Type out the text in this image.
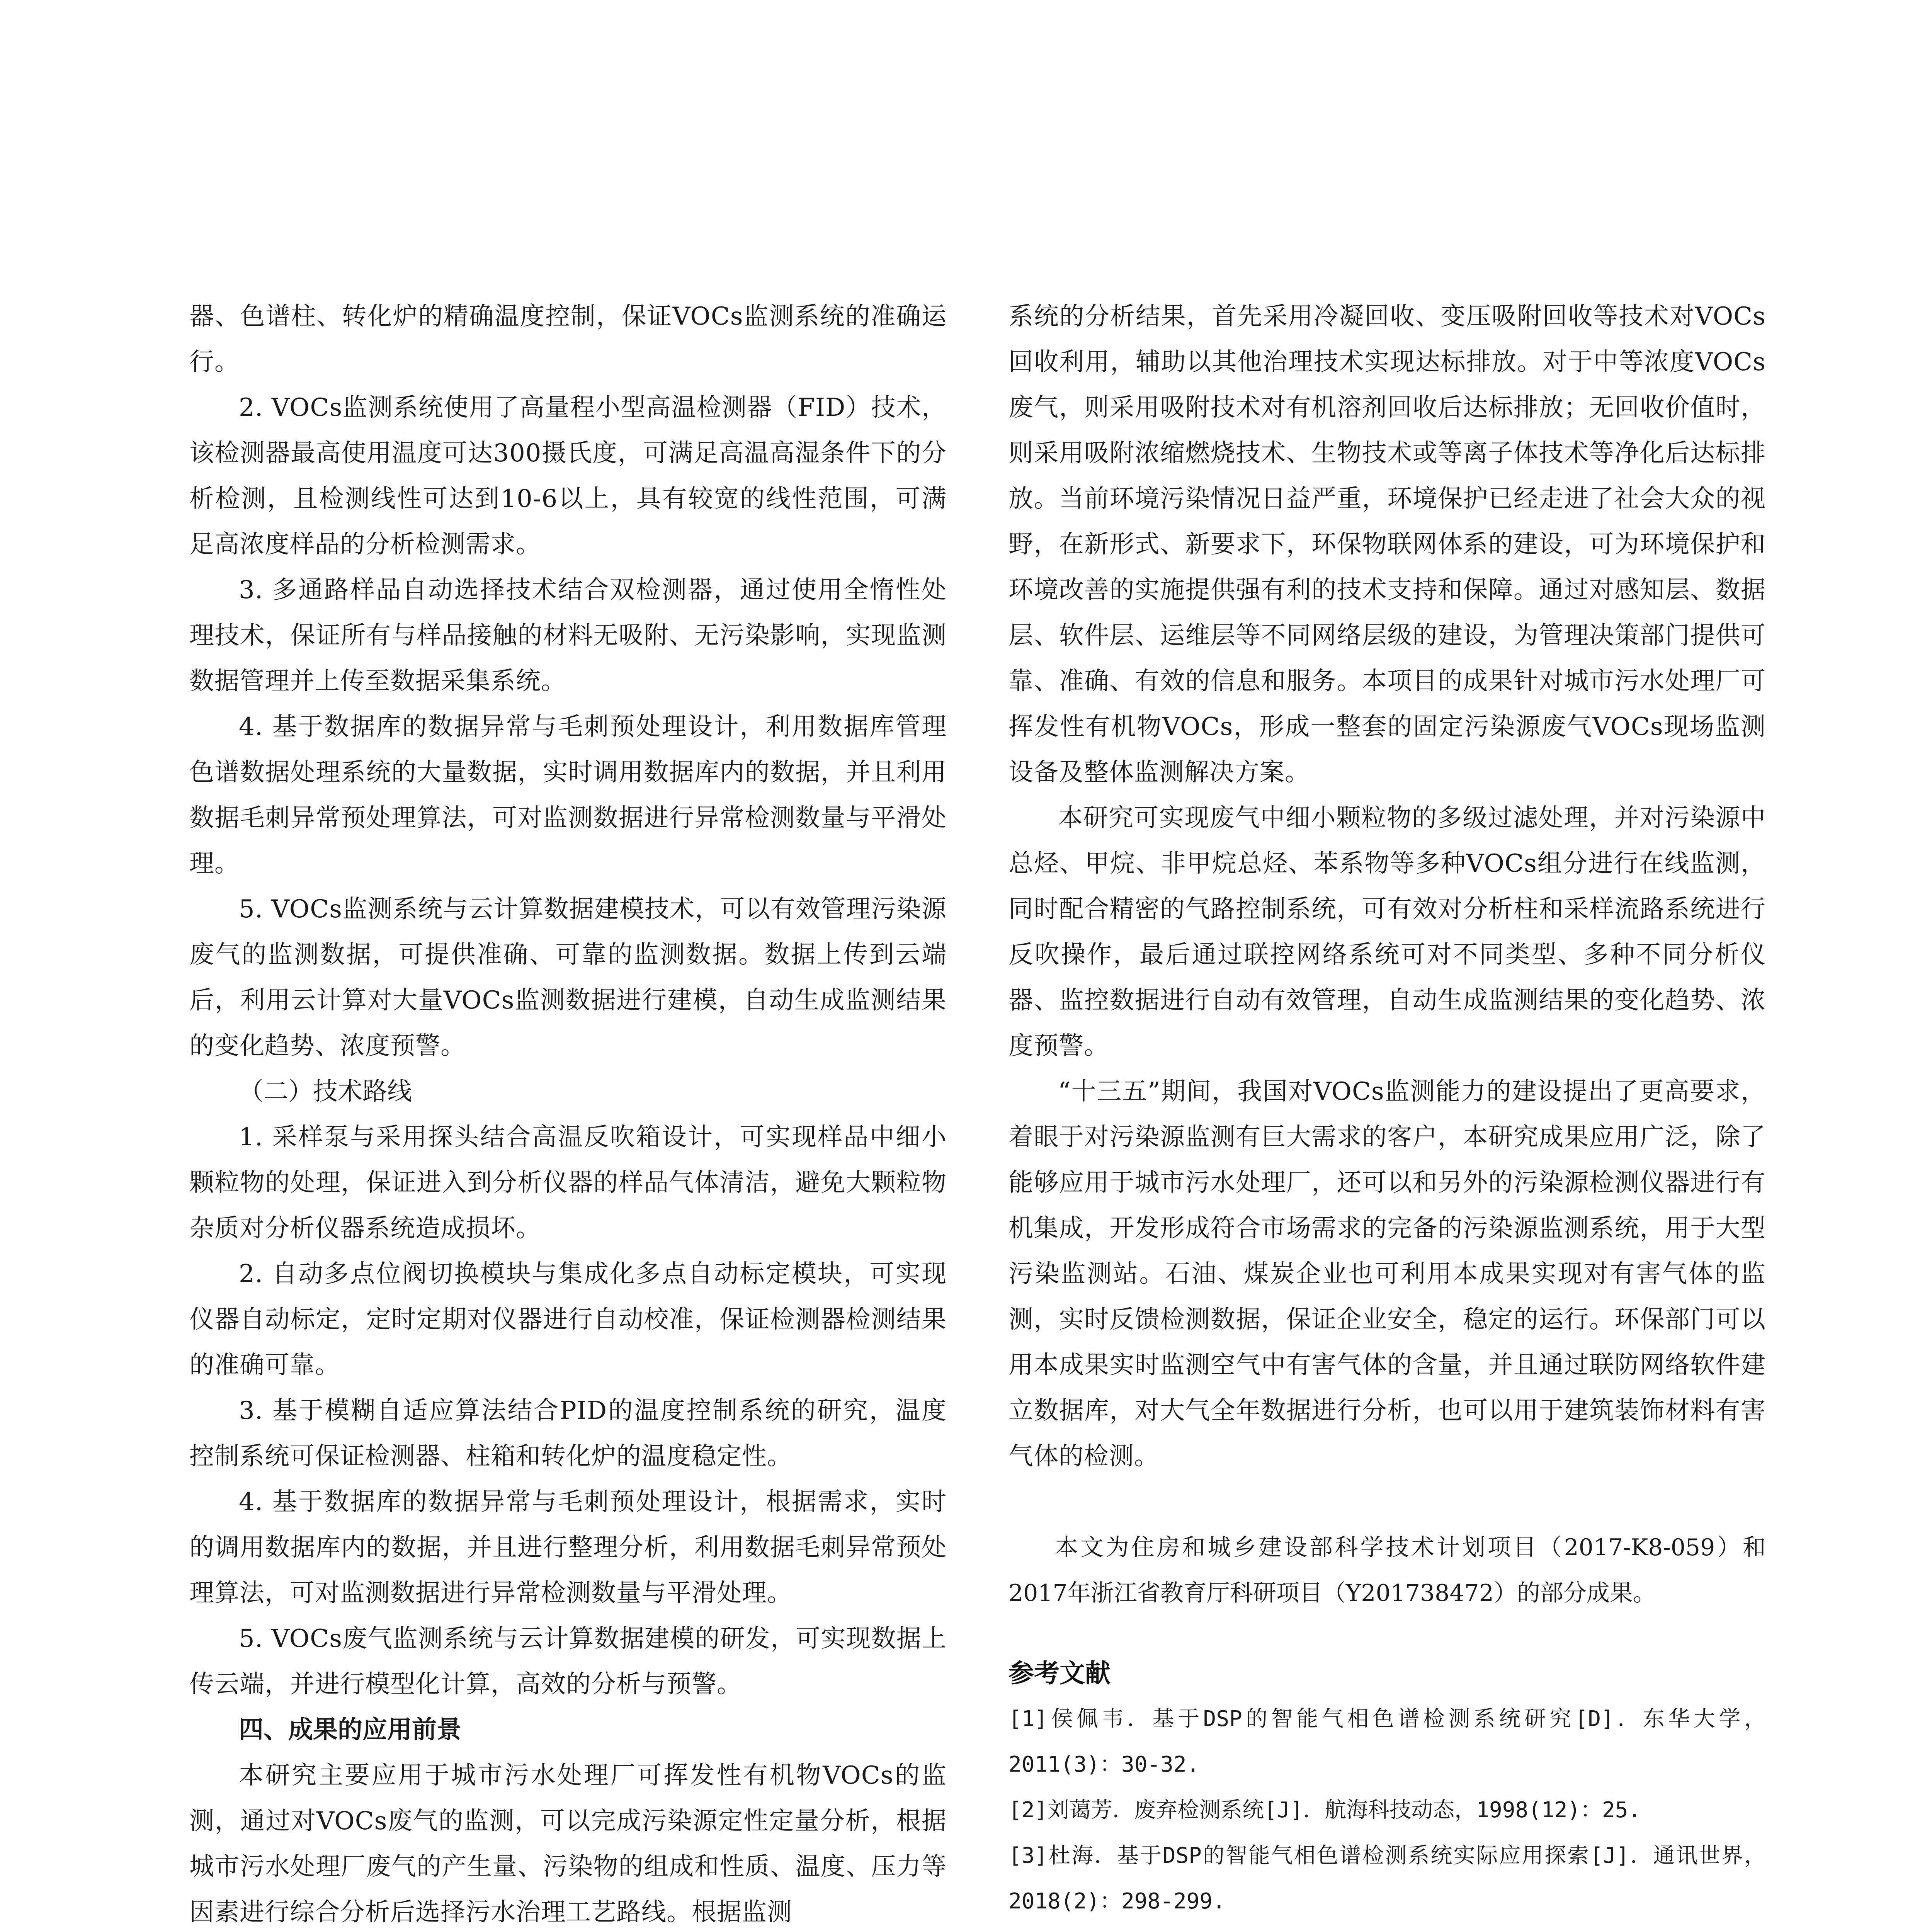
器、色谱柱、转化炉的精确温度控制，保证VOCs监测系统的准确运行。

2. VOCs监测系统使用了高量程小型高温检测器（FID）技术，该检测器最高使用温度可达300摄氏度，可满足高温高湿条件下的分析检测，且检测线性可达到10-6以上，具有较宽的线性范围，可满足高浓度样品的分析检测需求。

3. 多通路样品自动选择技术结合双检测器，通过使用全惰性处理技术，保证所有与样品接触的材料无吸附、无污染影响，实现监测数据管理并上传至数据采集系统。

4. 基于数据库的数据异常与毛刺预处理设计，利用数据库管理色谱数据处理系统的大量数据，实时调用数据库内的数据，并且利用数据毛刺异常预处理算法，可对监测数据进行异常检测数量与平滑处理。

5. VOCs监测系统与云计算数据建模技术，可以有效管理污染源废气的监测数据，可提供准确、可靠的监测数据。数据上传到云端后，利用云计算对大量VOCs监测数据进行建模，自动生成监测结果的变化趋势、浓度预警。

（二）技术路线

1. 采样泵与采用探头结合高温反吹箱设计，可实现样品中细小颗粒物的处理，保证进入到分析仪器的样品气体清洁，避免大颗粒物杂质对分析仪器系统造成损坏。

2. 自动多点位阀切换模块与集成化多点自动标定模块，可实现仪器自动标定，定时定期对仪器进行自动校准，保证检测器检测结果的准确可靠。

3. 基于模糊自适应算法结合PID的温度控制系统的研究，温度控制系统可保证检测器、柱箱和转化炉的温度稳定性。

4. 基于数据库的数据异常与毛刺预处理设计，根据需求，实时的调用数据库内的数据，并且进行整理分析，利用数据毛刺异常预处理算法，可对监测数据进行异常检测数量与平滑处理。

5. VOCs废气监测系统与云计算数据建模的研发，可实现数据上传云端，并进行模型化计算，高效的分析与预警。

四、成果的应用前景

本研究主要应用于城市污水处理厂可挥发性有机物VOCs的监测，通过对VOCs废气的监测，可以完成污染源定性定量分析，根据城市污水处理厂废气的产生量、污染物的组成和性质、温度、压力等因素进行综合分析后选择污水治理工艺路线。根据监测

系统的分析结果，首先采用冷凝回收、变压吸附回收等技术对VOCs回收利用，辅助以其他治理技术实现达标排放。对于中等浓度VOCs废气，则采用吸附技术对有机溶剂回收后达标排放；无回收价值时，则采用吸附浓缩燃烧技术、生物技术或等离子体技术等净化后达标排放。当前环境污染情况日益严重，环境保护已经走进了社会大众的视野，在新形式、新要求下，环保物联网体系的建设，可为环境保护和环境改善的实施提供强有利的技术支持和保障。通过对感知层、数据层、软件层、运维层等不同网络层级的建设，为管理决策部门提供可靠、准确、有效的信息和服务。本项目的成果针对城市污水处理厂可挥发性有机物VOCs，形成一整套的固定污染源废气VOCs现场监测设备及整体监测解决方案。

本研究可实现废气中细小颗粒物的多级过滤处理，并对污染源中总烃、甲烷、非甲烷总烃、苯系物等多种VOCs组分进行在线监测，同时配合精密的气路控制系统，可有效对分析柱和采样流路系统进行反吹操作，最后通过联控网络系统可对不同类型、多种不同分析仪器、监控数据进行自动有效管理，自动生成监测结果的变化趋势、浓度预警。

“十三五”期间，我国对VOCs监测能力的建设提出了更高要求，着眼于对污染源监测有巨大需求的客户，本研究成果应用广泛，除了能够应用于城市污水处理厂，还可以和另外的污染源检测仪器进行有机集成，开发形成符合市场需求的完备的污染源监测系统，用于大型污染监测站。石油、煤炭企业也可利用本成果实现对有害气体的监测，实时反馈检测数据，保证企业安全，稳定的运行。环保部门可以用本成果实时监测空气中有害气体的含量，并且通过联防网络软件建立数据库，对大气全年数据进行分析，也可以用于建筑装饰材料有害气体的检测。

本文为住房和城乡建设部科学技术计划项目（2017-K8-059）和2017年浙江省教育厅科研项目（Y201738472）的部分成果。

参考文献

[1]侯佩韦．基于DSP的智能气相色谱检测系统研究[D]．东华大学，2011(3)：30-32.

[2]刘蔼芳．废弃检测系统[J]．航海科技动态，1998(12)：25.

[3]杜海．基于DSP的智能气相色谱检测系统实际应用探索[J]．通讯世界，2018(2)：298-299.
